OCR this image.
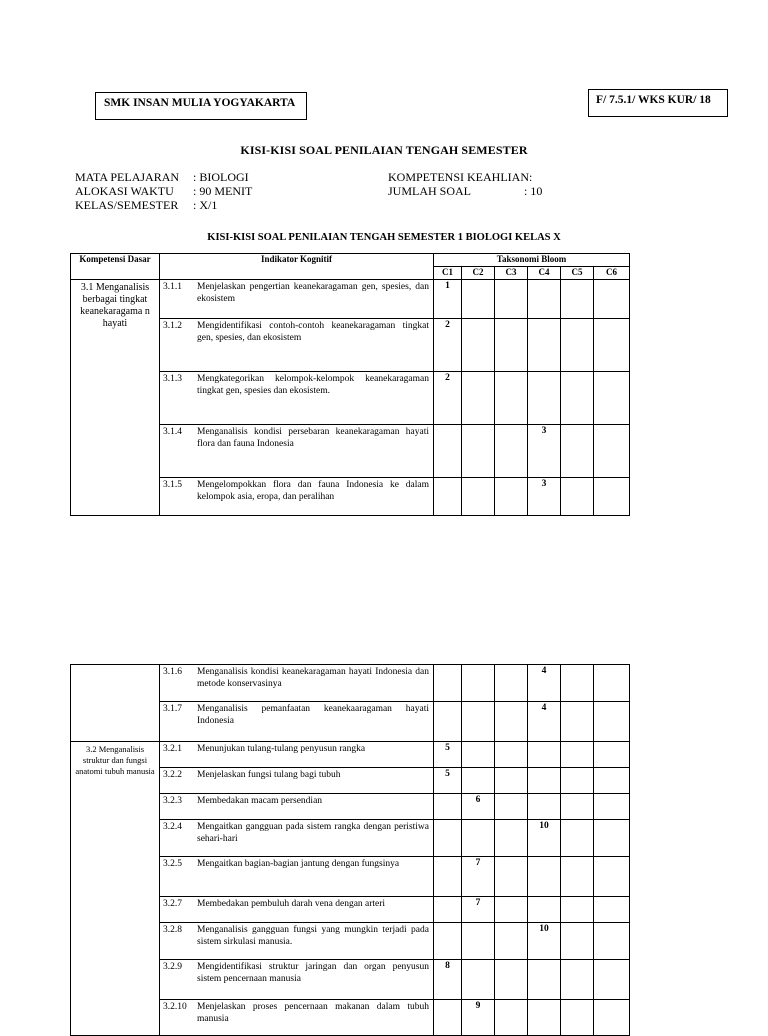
SMK INSAN MULIA YOGYAKARTA	F/ 7.5.1/ WKS KUR/ 18
KISI-KISI SOAL PENILAIAN TENGAH SEMESTER
MATA PELAJARAN : BIOLOGI
ALOKASI WAKTU : 90 MENIT
KELAS/SEMESTER : X/1
KOMPETENSI KEAHLIAN:
JUMLAH SOAL	: 10
KISI-KISI SOAL PENILAIAN TENGAH SEMESTER 1 BIOLOGI KELAS X
Kompetensi Dasar	Indikator Kognitif	Taksonomi Bloom					
		C1	C2	C3	C4	C5	C6
3.1 Menganalisis berbagai tingkat keanekaragama n hayati	3.1.1 Menjelaskan pengertian keanekaragaman gen, spesies, dan ekosistem	1					

	3.1.2 Mengidentifikasi contoh-contoh keanekaragaman tingkat gen, spesies, dan ekosistem	2					

	3.1.3 Mengkategorikan kelompok-kelompok keanekaragaman tingkat gen, spesies dan ekosistem.	2					

	3.1.4 Menganalisis kondisi persebaran keanekaragaman hayati flora dan fauna Indonesia				3		

	3.1.5 Mengelompokkan flora dan fauna Indonesia ke dalam kelompok asia, eropa, dan peralihan				3		

	3.1.6 Menganalisis kondisi keanekaragaman hayati Indonesia dan metode konservasinya				4		

	3.1.7 Menganalisis pemanfaatan keanekaaragaman hayati Indonesia				4		
3.2 Menganalisis struktur dan fungsi anatomi tubuh manusia	3.2.1 Menunjukan tulang-tulang penyusun rangka	5					

	3.2.2 Menjelaskan fungsi tulang bagi tubuh	5					

	3.2.3 Membedakan macam persendian		6				

	3.2.4 Mengaitkan gangguan pada sistem rangka dengan peristiwa sehari-hari				10		

	3.2.5 Mengaitkan bagian-bagian jantung dengan fungsinya		7				

	3.2.7 Membedakan pembuluh darah vena dengan arteri		7				

	3.2.8 Menganalisis gangguan fungsi yang mungkin terjadi pada sistem sirkulasi manusia.				10		

	3.2.9 Mengidentifikasi struktur jaringan dan organ penyusun sistem pencernaan manusia	8					

	3.2.10 Menjelaskan proses pencernaan makanan dalam tubuh manusia		9				
